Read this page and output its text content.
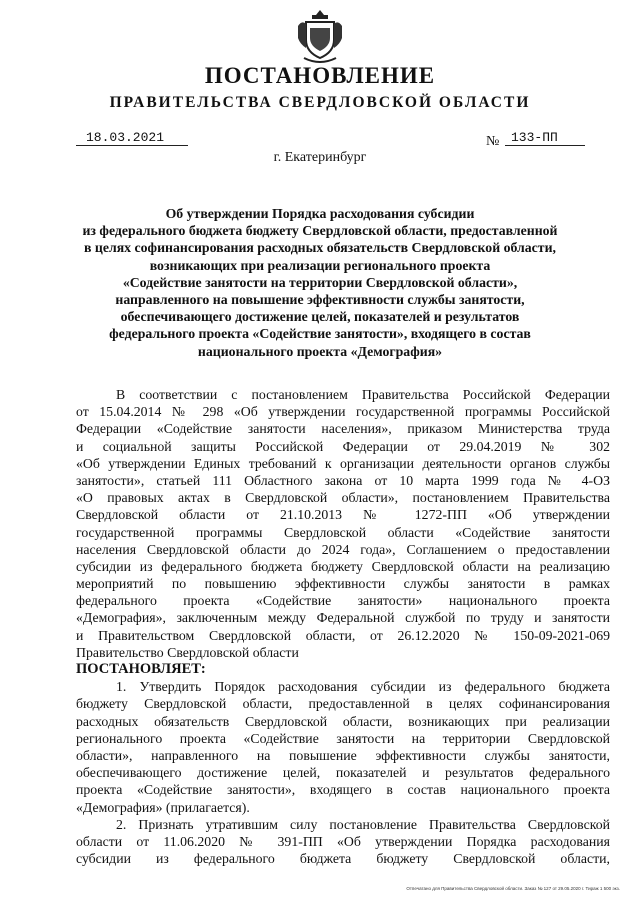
ПОСТАНОВЛЕНИЕ
ПРАВИТЕЛЬСТВА СВЕРДЛОВСКОЙ ОБЛАСТИ
18.03.2021	№ 133-ПП
г. Екатеринбург
Об утверждении Порядка расходования субсидии
из федерального бюджета бюджету Свердловской области, предоставленной
в целях софинансирования расходных обязательств Свердловской области,
возникающих при реализации регионального проекта
«Содействие занятости на территории Свердловской области»,
направленного на повышение эффективности службы занятости,
обеспечивающего достижение целей, показателей и результатов
федерального проекта «Содействие занятости», входящего в состав
национального проекта «Демография»
В соответствии с постановлением Правительства Российской Федерации
от 15.04.2014 № 298 «Об утверждении государственной программы Российской
Федерации «Содействие занятости населения», приказом Министерства труда
и социальной защиты Российской Федерации от 29.04.2019 № 302
«Об утверждении Единых требований к организации деятельности органов службы
занятости», статьей 111 Областного закона от 10 марта 1999 года № 4-ОЗ
«О правовых актах в Свердловской области», постановлением Правительства
Свердловской области от 21.10.2013 № 1272-ПП «Об утверждении
государственной программы Свердловской области «Содействие занятости
населения Свердловской области до 2024 года», Соглашением о предоставлении
субсидии из федерального бюджета бюджету Свердловской области на реализацию
мероприятий по повышению эффективности службы занятости в рамках
федерального проекта «Содействие занятости» национального проекта
«Демография», заключенным между Федеральной службой по труду и занятости
и Правительством Свердловской области, от 26.12.2020 № 150-09-2021-069
Правительство Свердловской области
ПОСТАНОВЛЯЕТ:
1. Утвердить Порядок расходования субсидии из федерального бюджета
бюджету Свердловской области, предоставленной в целях софинансирования
расходных обязательств Свердловской области, возникающих при реализации
регионального проекта «Содействие занятости на территории Свердловской
области», направленного на повышение эффективности службы занятости,
обеспечивающего достижение целей, показателей и результатов федерального
проекта «Содействие занятости», входящего в состав национального проекта
«Демография» (прилагается).
2. Признать утратившим силу постановление Правительства Свердловской
области от 11.06.2020 № 391-ПП «Об утверждении Порядка расходования
субсидии из федерального бюджета бюджету Свердловской области,
Отпечатано для Правительства Свердловской области. Заказ № 127 от 29.05.2020 г. Тираж 1 500 экз.
